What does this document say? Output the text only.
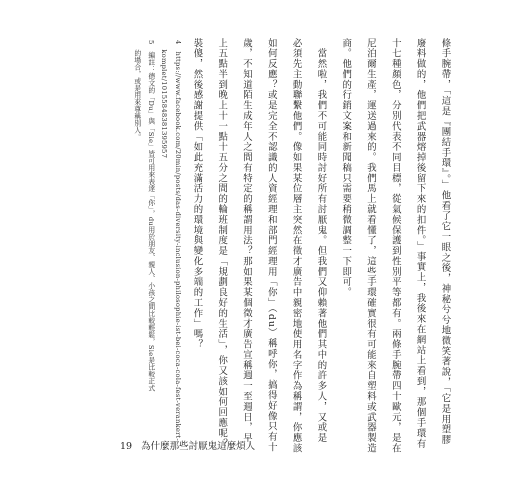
條手腕帶，「這是『團結手環』。」他看了它一眼之後，神秘兮兮地微笑著說，「它是用塑膠
廢料做的，他們把武器熔掉後留下來的扣件。」事實上，我後來在網站上看到，那個手環有
十七種顏色，分別代表不同目標，從氣候保護到性別平等都有。兩條手腕帶四十歐元，是在
尼泊爾生產，運送過來的。我們馬上就看懂了，這些手環確實很有可能來自塑料或武器製造
商。他們的行銷文案和新聞稿只需要稍微調整一下即可。
　當然啦，我們不可能同時討好所有討厭鬼。但我們又仰賴著他們其中的許多人，又或是
必須先主動聯繫他們。像如果某位層主突然在徵才廣告中親密地使用名字作為稱謂，你應該
如何反應？或是完全不認識的人資經理和部門經理用「你」（du）稱呼你，搞得好像只有十
歲，不知道陌生成年人之間有特定的稱謂用法？那如果某個徵才廣告宣稱週一至週日，早
上五點半到晚上十一點十五分之間的輪班制度是「規劃良好的生活」，你又該如何回應呢？
裝傻，然後感謝提供「如此充滿活力的環境與變化多端的工作」嗎？
4　https://www.facebook.com/20min/posts/das-diversity-inclusion-philosophie-ist-bei-coca-cola-fest-verankert-
　 komplet/10155848381395957
5　編註：德文的「Du」與「Sie」皆可用來表達「你」，du用於朋友、親人、小孩之間比較輕鬆，Sie是比較正式
　 的場合，或是用來尊稱別人。
19 為什麼那些討厭鬼這麼煩人
